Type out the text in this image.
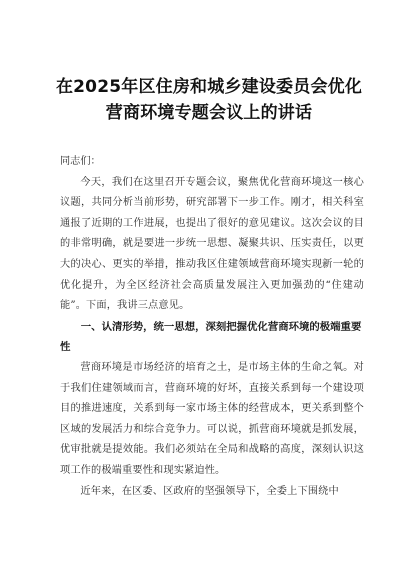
在2025年区住房和城乡建设委员会优化营商环境专题会议上的讲话

同志们：

今天，我们在这里召开专题会议，聚焦优化营商环境这一核心议题，共同分析当前形势，研究部署下一步工作。刚才，相关科室通报了近期的工作进展，也提出了很好的意见建议。这次会议的目的非常明确，就是要进一步统一思想、凝聚共识、压实责任，以更大的决心、更实的举措，推动我区住建领域营商环境实现新一轮的优化提升，为全区经济社会高质量发展注入更加强劲的“住建动能”。下面，我讲三点意见。

一、认清形势，统一思想，深刻把握优化营商环境的极端重要性

营商环境是市场经济的培育之土，是市场主体的生命之氧。对于我们住建领域而言，营商环境的好坏，直接关系到每一个建设项目的推进速度，关系到每一家市场主体的经营成本，更关系到整个区域的发展活力和综合竞争力。可以说，抓营商环境就是抓发展，优审批就是提效能。我们必须站在全局和战略的高度，深刻认识这项工作的极端重要性和现实紧迫性。

近年来，在区委、区政府的坚强领导下，全委上下围绕中
